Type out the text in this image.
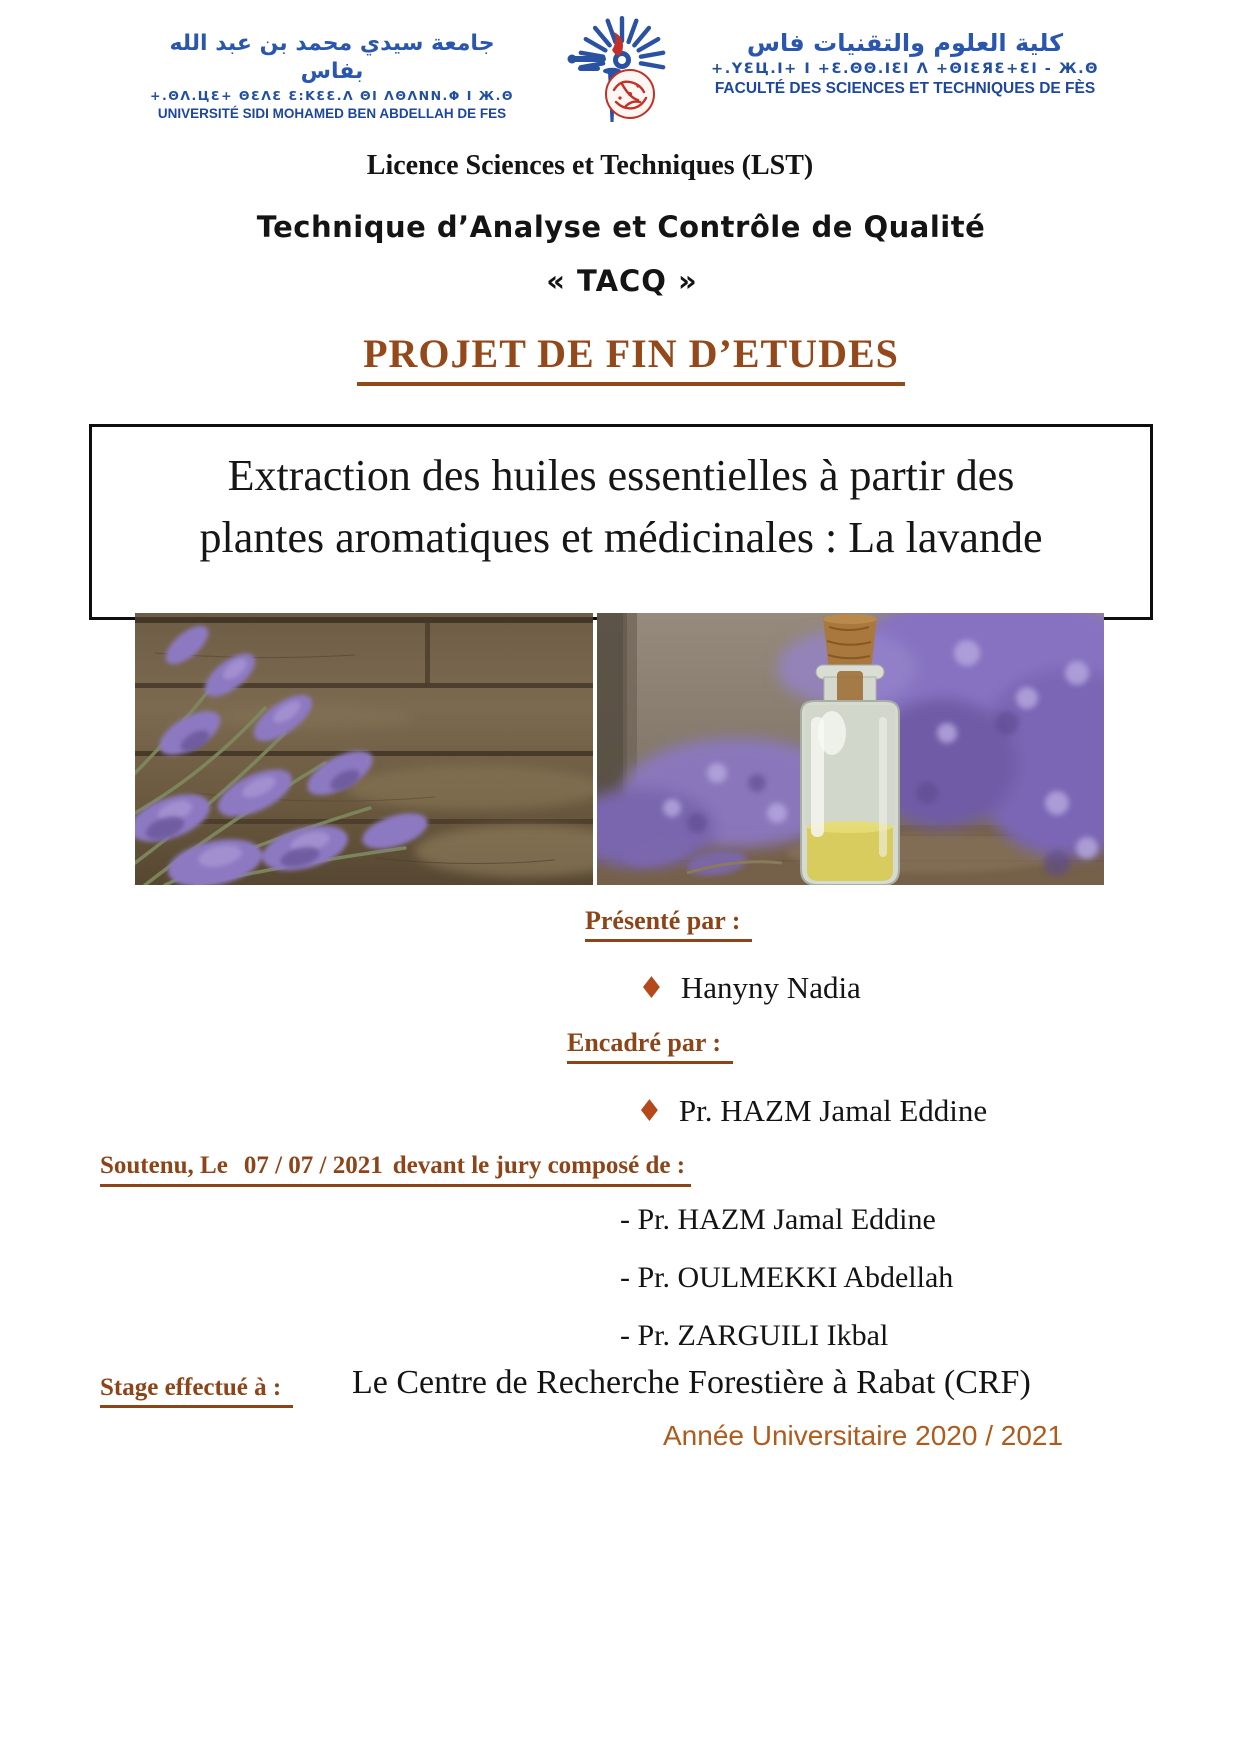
جامعة سيدي محمد بن عبد الله بفاس
+.ΘΛ.ЦƐ+ ΘƐΛƐ Ɛ:ΚƐƐ.Λ ΘΙ ΛΘΛΝΝ.Φ Ι Ж.Θ
UNIVERSITÉ SIDI MOHAMED BEN ABDELLAH DE FES
كلية العلوم والتقنيات فاس
+.ΥƐЦ.Ι+ Ι +Ɛ.ΘΘ.ΙƐΙ Λ +ΘΙƐЯƐ+ƐΙ - Ж.Θ
FACULTÉ DES SCIENCES ET TECHNIQUES DE FÈS
Licence Sciences et Techniques (LST)
Technique d’Analyse et Contrôle de Qualité
« TACQ »
PROJET DE FIN D’ETUDES
Extraction des huiles essentielles à partir des
plantes aromatiques et médicinales : La lavande
Présenté par :
♦ Hanyny Nadia
Encadré par :
♦ Pr. HAZM Jamal Eddine
Soutenu, Le 07 / 07 / 2021 devant le jury composé de :
- Pr. HAZM Jamal Eddine
- Pr. OULMEKKI Abdellah
- Pr. ZARGUILI Ikbal
Stage effectué à :	Le Centre de Recherche Forestière à Rabat (CRF)
Année Universitaire 2020 / 2021
